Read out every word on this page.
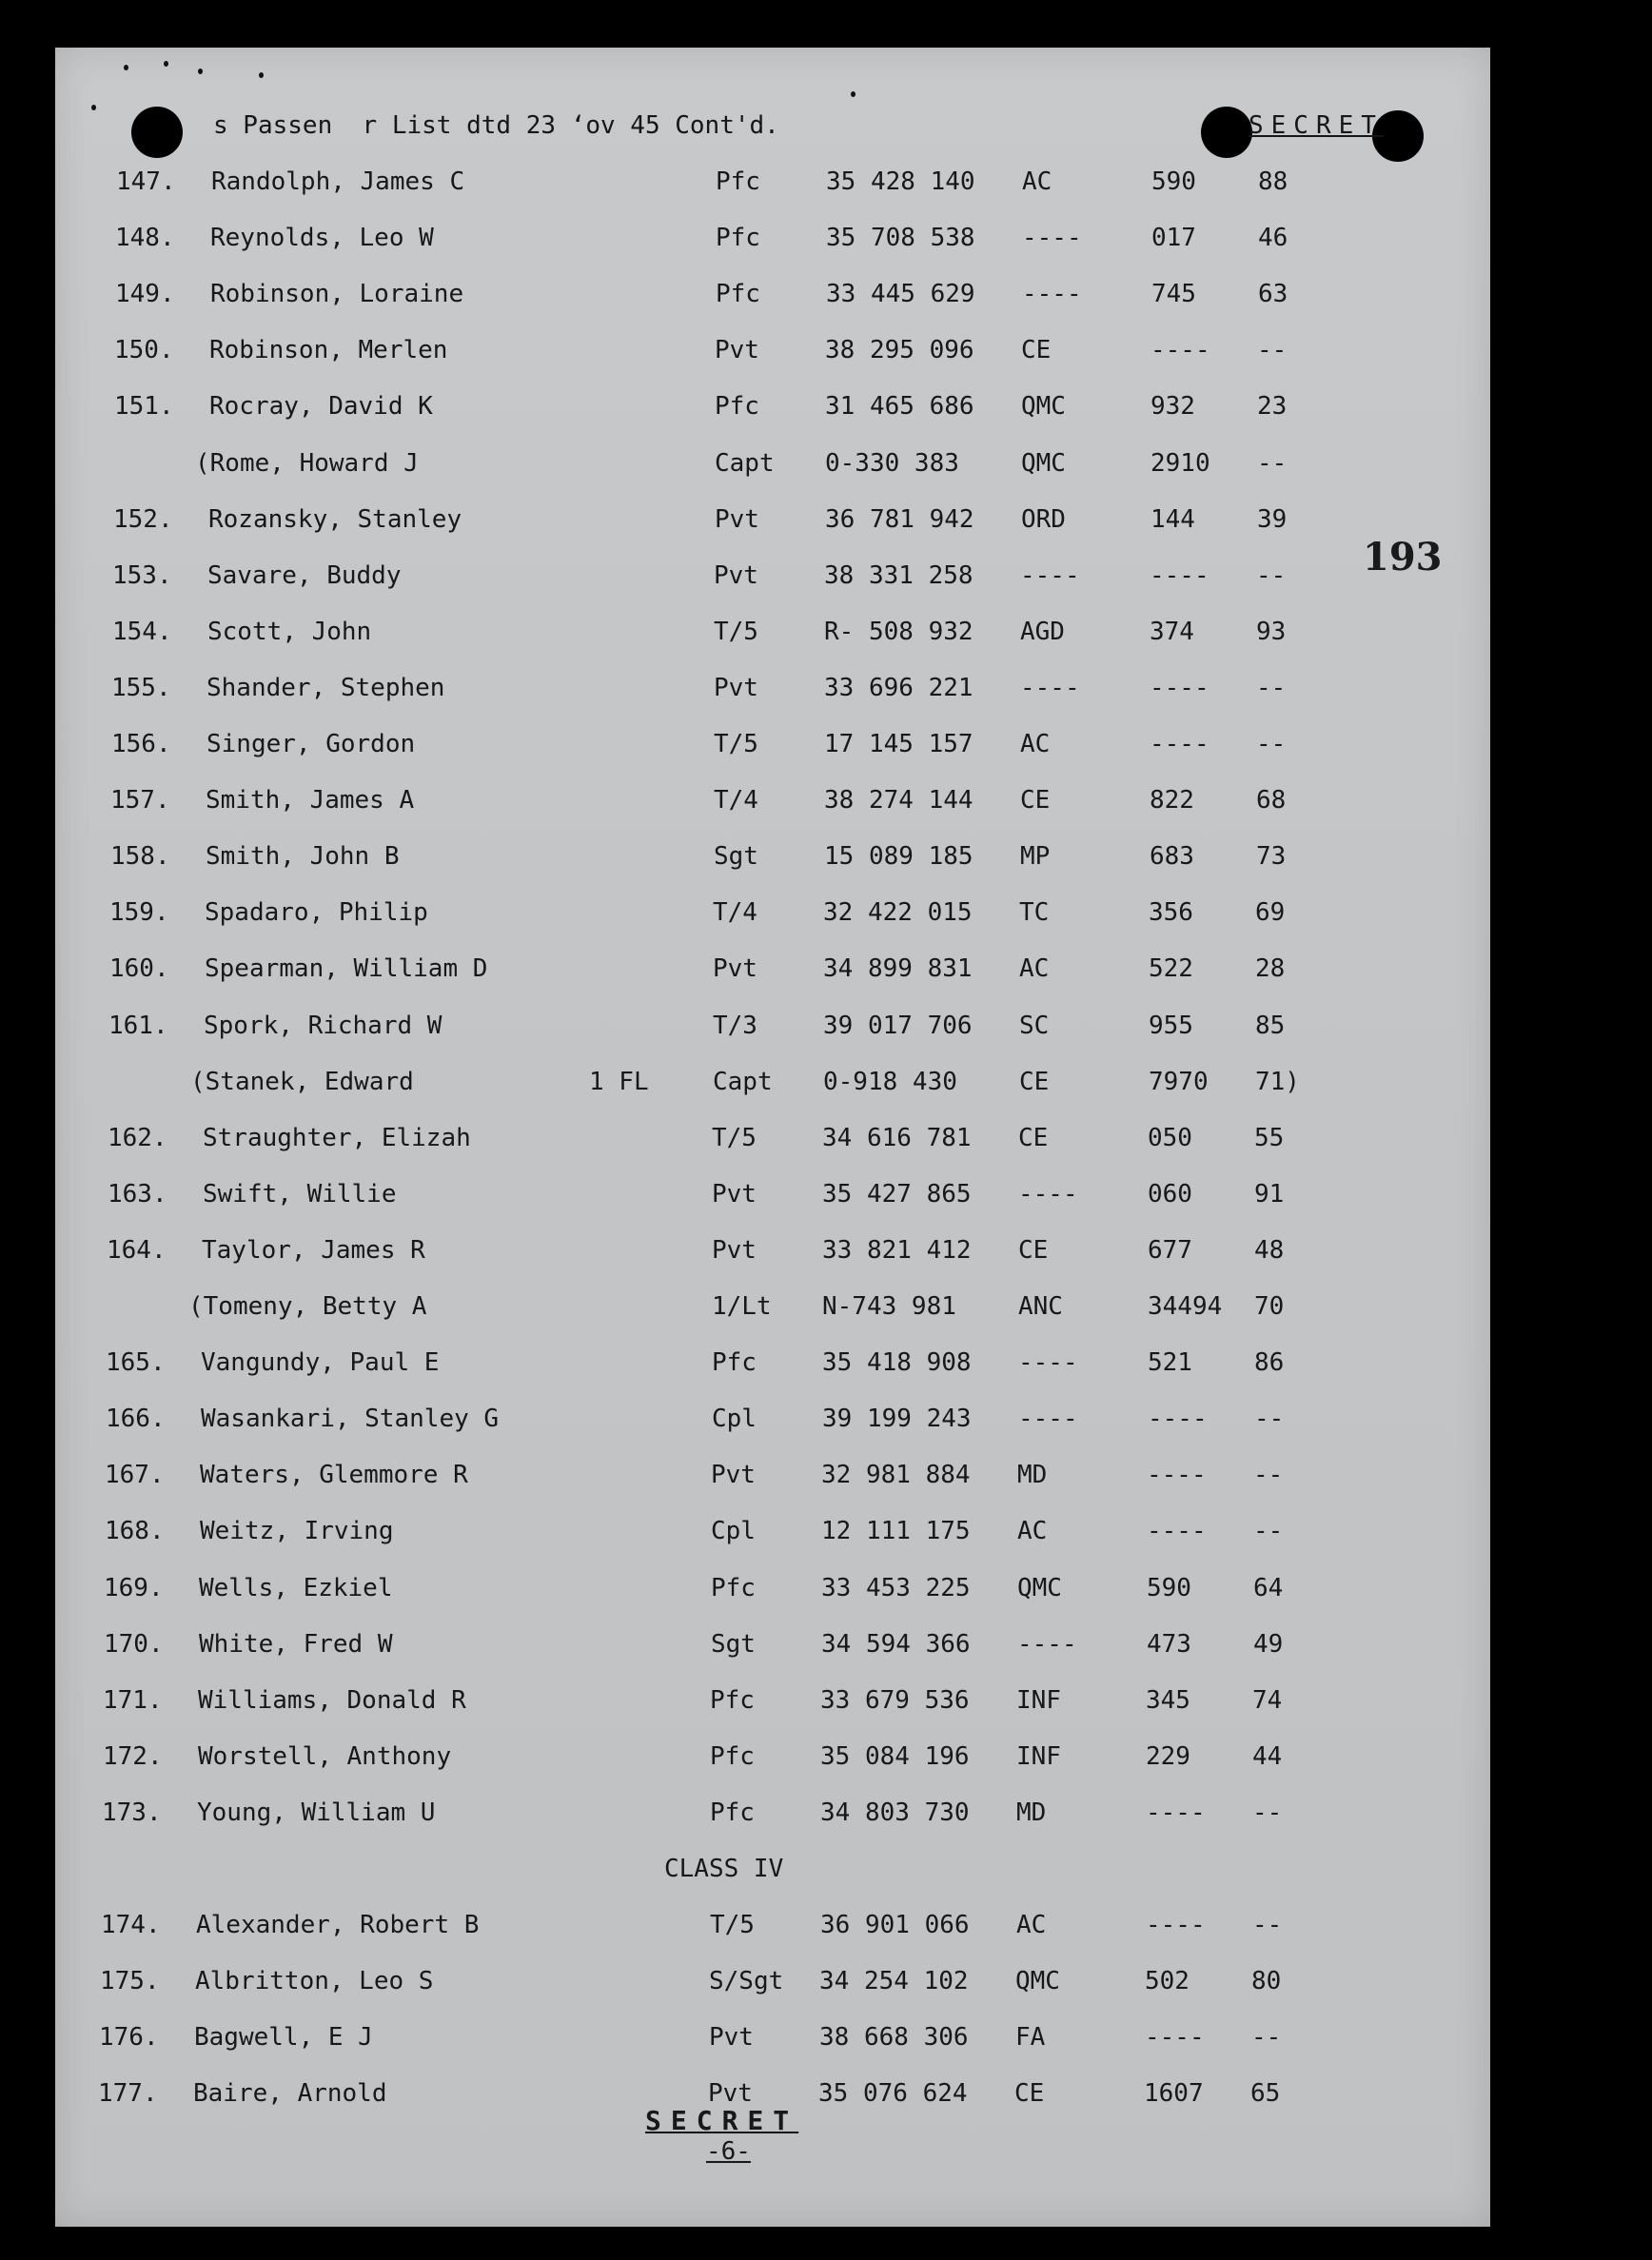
s Passen  r List dtd 23 ʻov 45 Cont'd.	SECRET
193
147.	Randolph, James C	Pfc	35 428 140 AC	590	88
148.	Reynolds, Leo W	Pfc	35 708 538 ----	017	46
149.	Robinson, Loraine	Pfc	33 445 629 ----	745	63
150.	Robinson, Merlen	Pvt	38 295 096 CE	---- --
151.	Rocray, David K	Pfc	31 465 686 QMC	932	23
(Rome, Howard J	Capt 0-330 383	QMC	2910 --
152.	Rozansky, Stanley	Pvt	36 781 942 ORD	144	39
153.	Savare, Buddy	Pvt	38 331 258 ----	---- --
154.	Scott, John	T/5	R- 508 932 AGD	374	93
155.	Shander, Stephen	Pvt	33 696 221 ----	---- --
156.	Singer, Gordon	T/5	17 145 157 AC	---- --
157.	Smith, James A	T/4	38 274 144 CE	822	68
158.	Smith, John B	Sgt	15 089 185 MP	683	73
159.	Spadaro, Philip	T/4	32 422 015 TC	356	69
160.	Spearman, William D	Pvt	34 899 831 AC	522	28
161.	Spork, Richard W	T/3	39 017 706 SC	955	85
(Stanek, Edward	1 FL	Capt 0-918 430	CE	7970 71)
162.	Straughter, Elizah	T/5	34 616 781 CE	050	55
163.	Swift, Willie	Pvt	35 427 865 ----	060	91
164.	Taylor, James R	Pvt	33 821 412 CE	677	48
(Tomeny, Betty A	1/Lt N-743 981	ANC	34494 70
165.	Vangundy, Paul E	Pfc	35 418 908 ----	521	86
166.	Wasankari, Stanley G	Cpl	39 199 243 ----	---- --
167.	Waters, Glemmore R	Pvt	32 981 884 MD	---- --
168.	Weitz, Irving	Cpl	12 111 175 AC	---- --
169.	Wells, Ezkiel	Pfc	33 453 225 QMC	590	64
170.	White, Fred W	Sgt	34 594 366 ----	473	49
171.	Williams, Donald R	Pfc	33 679 536 INF	345	74
172.	Worstell, Anthony	Pfc	35 084 196 INF	229	44
173.	Young, William U	Pfc	34 803 730 MD	---- --
CLASS IV
174.	Alexander, Robert B	T/5	36 901 066 AC	---- --
175.	Albritton, Leo S	S/Sgt 34 254 102 QMC	502	80
176.	Bagwell, E J	Pvt	38 668 306 FA	---- --
177.	Baire, Arnold	Pvt	35 076 624 CE	1607 65
SECRET
-6-
